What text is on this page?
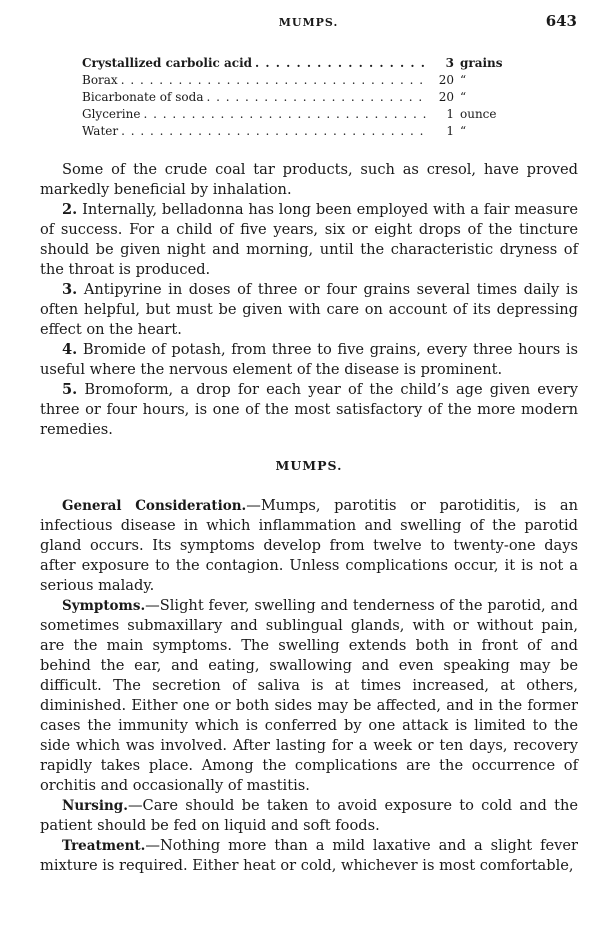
MUMPS.	643
Crystallized carbolic acid . . .	3 grains
Borax . . .	20 “
Bicarbonate of soda . . .	20 “
Glycerine . . .	1 ounce
Water . . .	1 “

Some of the crude coal tar products, such as cresol, have proved markedly beneficial by inhalation.

2. Internally, belladonna has long been employed with a fair measure of success. For a child of five years, six or eight drops of the tincture should be given night and morning, until the characteristic dryness of the throat is produced.

3. Antipyrine in doses of three or four grains several times daily is often helpful, but must be given with care on account of its depressing effect on the heart.

4. Bromide of potash, from three to five grains, every three hours is useful where the nervous element of the disease is prominent.

5. Bromoform, a drop for each year of the child’s age given every three or four hours, is one of the most satisfactory of the more modern remedies.

MUMPS.

General Consideration.—Mumps, parotitis or parotiditis, is an infectious disease in which inflammation and swelling of the parotid gland occurs. Its symptoms develop from twelve to twenty-one days after exposure to the contagion. Unless complications occur, it is not a serious malady.

Symptoms.—Slight fever, swelling and tenderness of the parotid, and sometimes submaxillary and sublingual glands, with or without pain, are the main symptoms. The swelling extends both in front of and behind the ear, and eating, swallowing and even speaking may be difficult. The secretion of saliva is at times increased, at others, diminished. Either one or both sides may be affected, and in the former cases the immunity which is conferred by one attack is limited to the side which was involved. After lasting for a week or ten days, recovery rapidly takes place. Among the complications are the occurrence of orchitis and occasionally of mastitis.

Nursing.—Care should be taken to avoid exposure to cold and the patient should be fed on liquid and soft foods.

Treatment.—Nothing more than a mild laxative and a slight fever mixture is required. Either heat or cold, whichever is most comfortable,
